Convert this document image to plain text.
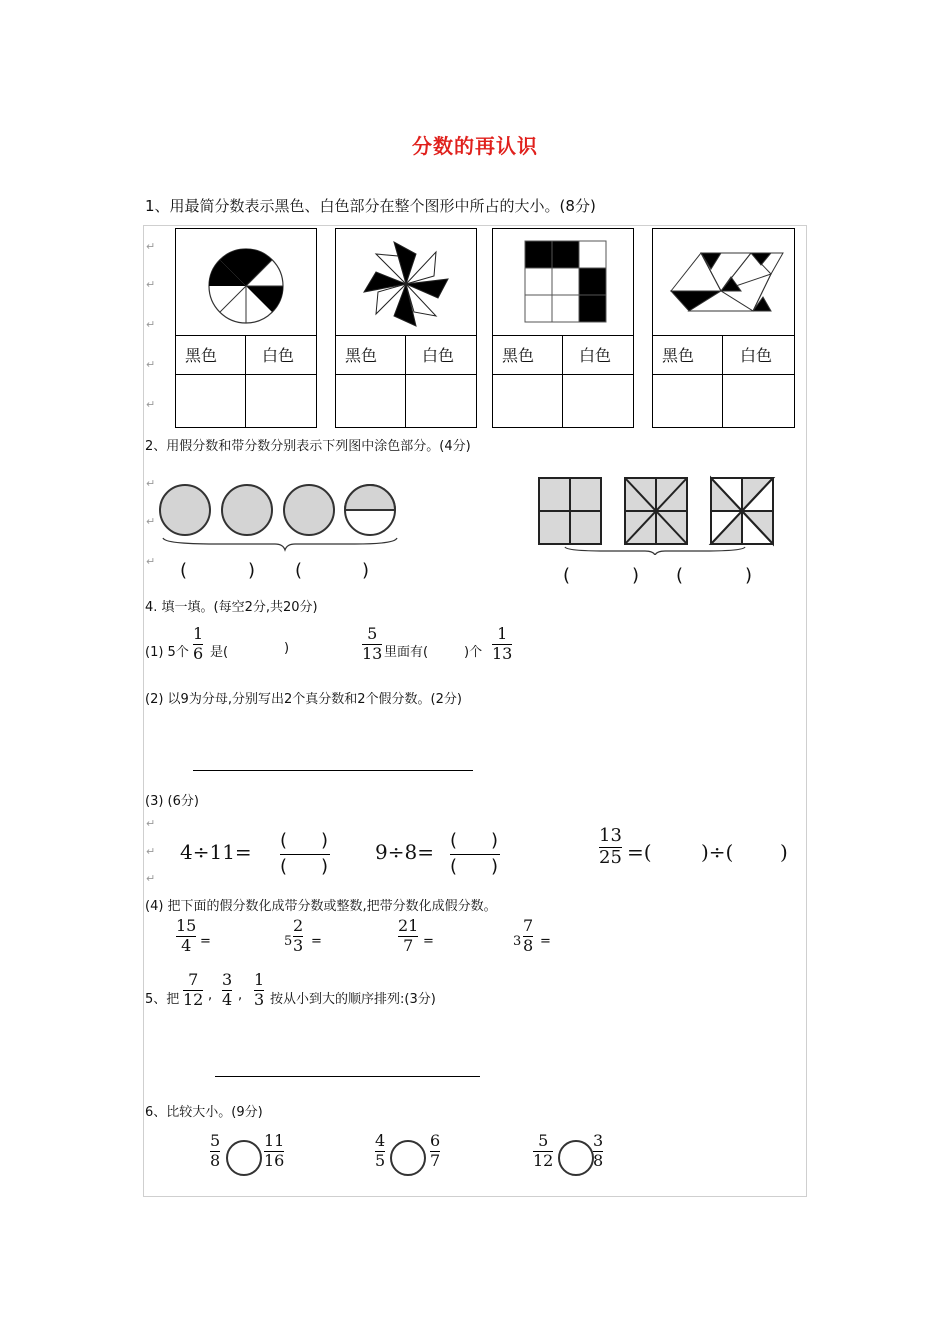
分数的再认识
1、用最简分数表示黑色、白色部分在整个图形中所占的大小。(8分)
↵
↵
↵
↵
↵
黑色	白色	黑色	白色	黑色	白色	黑色	白色
2、用假分数和带分数分别表示下列图中涂色部分。(4分)
↵
↵
↵ (	) (	)	(	) (	)
4. 填一填。(每空2分,共20分)
(1) 5个
1
6 是(	)
5
13 里面有(	)个
1
13
(2) 以9为分母,分别写出2个真分数和2个假分数。(2分)
(3) (6分)
↵
↵
↵
4÷11= ( )
( )
9÷8= ( )
( )
13
25 =( )÷( )
(4) 把下面的假分数化成带分数或整数,把带分数化成假分数。
15
4 =	5
2
3 =
21
7 =	3
7
8 =
5、把
7
12 ,
3
4 ,
1
3 按从小到大的顺序排列:(3分)
6、比较大小。(9分)
5
8
11
16
4
5
6
7
5
12
3
8
